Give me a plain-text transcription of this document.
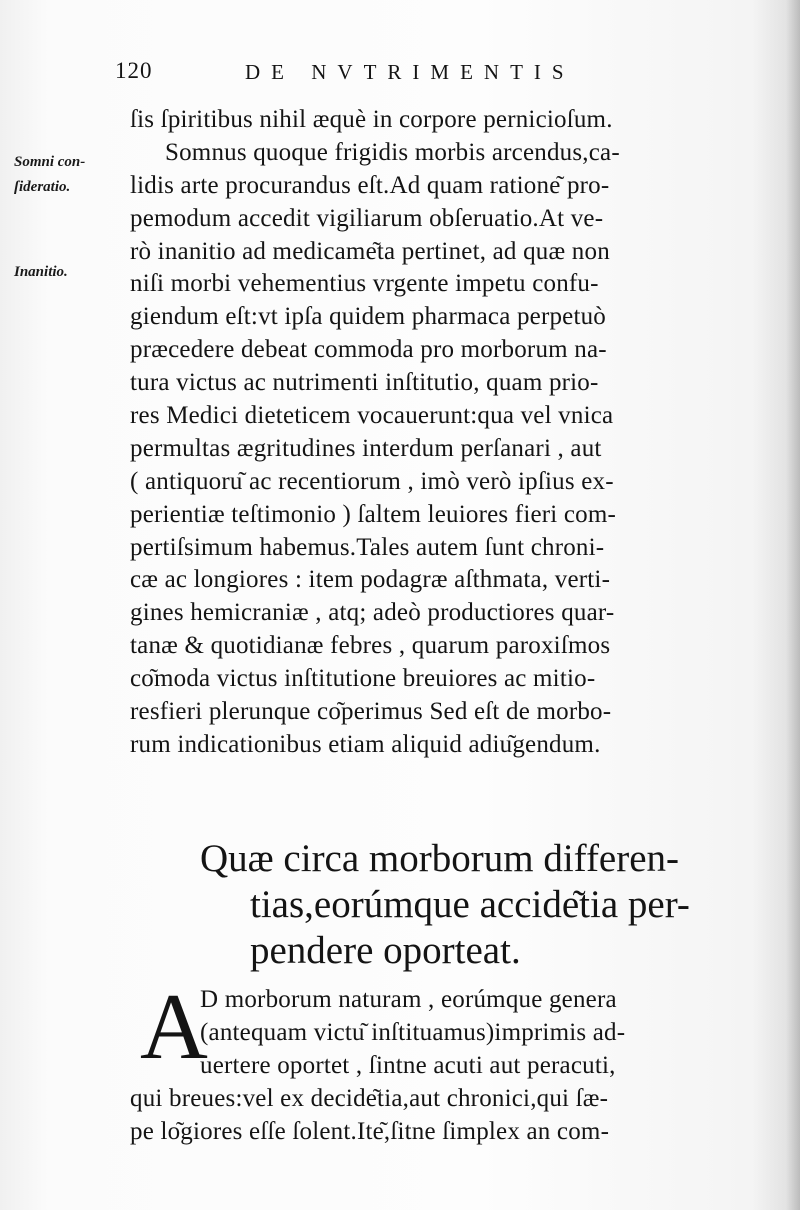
120	DE NVTRIMENTIS
Somni con-
ſideratio.
Inanitio.
ſis ſpiritibus nihil æquè in corpore pernicioſum.
Somnus quoque frigidis morbis arcendus,ca-
lidis arte procurandus eſt.Ad quam ratione͂ pro-
pemodum accedit vigiliarum obſeruatio.At ve-
rò inanitio ad medicame͂ta pertinet, ad quæ non
niſi morbi vehementius vrgente impetu confu-
giendum eſt:vt ipſa quidem pharmaca perpetuò
præcedere debeat commoda pro morborum na-
tura victus ac nutrimenti inſtitutio, quam prio-
res Medici dieteticem vocauerunt:qua vel vnica
permultas ægritudines interdum perſanari , aut
( antiquoru͂ ac recentiorum , imò verò ipſius ex-
perientiæ teſtimonio ) ſaltem leuiores fieri com-
pertiſsimum habemus.Tales autem ſunt chroni-
cæ ac longiores : item podagræ aſthmata, verti-
gines hemicraniæ , atq; adeò productiores quar-
tanæ & quotidianæ febres , quarum paroxiſmos
co͂moda victus inſtitutione breuiores ac mitio-
resfieri plerunque co͂perimus Sed eſt de morbo-
rum indicationibus etiam aliquid adiu͂gendum.
Quæ circa morborum differen-
tias,eorúmque accide͂tia per-
pendere oporteat.
A
D morborum naturam , eorúmque genera
(antequam victu͂ inſtituamus)imprimis ad-
uertere oportet , ſintne acuti aut peracuti,
qui breues:vel ex decide͂tia,aut chronici,qui ſæ-
pe lo͂giores eſſe ſolent.Ite͂,ſitne ſimplex an com-
